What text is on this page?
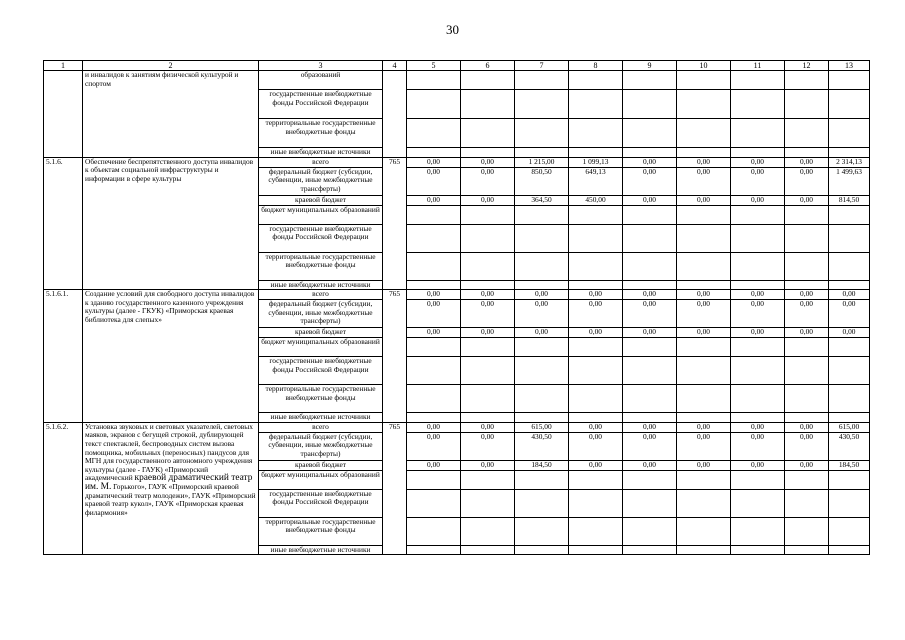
30
1	2	3	4	5	6	7	8	9	10	11	12	13
	и инвалидов к занятиям физической культурой и спортом	образований										
		государственные внебюджетные фонды Российской Федерации										
		территориальные государственные внебюджетные фонды										
		иные внебюджетные источники										
5.1.6.	Обеспечение беспрепятственного доступа инвалидов к объектам социальной инфраструктуры и информации в сфере культуры	всего	765	0,00	0,00	1 215,00	1 099,13	0,00	0,00	0,00	0,00	2 314,13
		федеральный бюджет (субсидии, субвенции, иные межбюджетные трансферты)		0,00	0,00	850,50	649,13	0,00	0,00	0,00	0,00	1 499,63
		краевой бюджет		0,00	0,00	364,50	450,00	0,00	0,00	0,00	0,00	814,50
		бюджет муниципальных образований										
		государственные внебюджетные фонды Российской Федерации										
		территориальные государственные внебюджетные фонды										
		иные внебюджетные источники										
5.1.6.1.	Создание условий для свободного доступа инвалидов к зданию государственного казенного учреждения культуры (далее - ГКУК) «Приморская краевая библиотека для слепых»	всего	765	0,00	0,00	0,00	0,00	0,00	0,00	0,00	0,00	0,00
		федеральный бюджет (субсидии, субвенции, иные межбюджетные трансферты)		0,00	0,00	0,00	0,00	0,00	0,00	0,00	0,00	0,00
		краевой бюджет		0,00	0,00	0,00	0,00	0,00	0,00	0,00	0,00	0,00
		бюджет муниципальных образований										
		государственные внебюджетные фонды Российской Федерации										
		территориальные государственные внебюджетные фонды										
		иные внебюджетные источники										
5.1.6.2.	Установка звуковых и световых указателей, световых маяков, экранов с бегущей строкой, дублирующей текст спектаклей, беспроводных систем вызова помощника, мобильных (переносных) пандусов для МГН для государственного автономного учреждения культуры (далее - ГАУК) «Приморский академический краевой драматический театр им. М. Горького», ГАУК «Приморский краевой драматический театр молодежи», ГАУК «Приморский краевой театр кукол», ГАУК «Приморская краевая филармония»	всего	765	0,00	0,00	615,00	0,00	0,00	0,00	0,00	0,00	615,00
		федеральный бюджет (субсидии, субвенции, иные межбюджетные трансферты)		0,00	0,00	430,50	0,00	0,00	0,00	0,00	0,00	430,50
		краевой бюджет		0,00	0,00	184,50	0,00	0,00	0,00	0,00	0,00	184,50
		бюджет муниципальных образований										
		государственные внебюджетные фонды Российской Федерации										
		территориальные государственные внебюджетные фонды										
		иные внебюджетные источники										
